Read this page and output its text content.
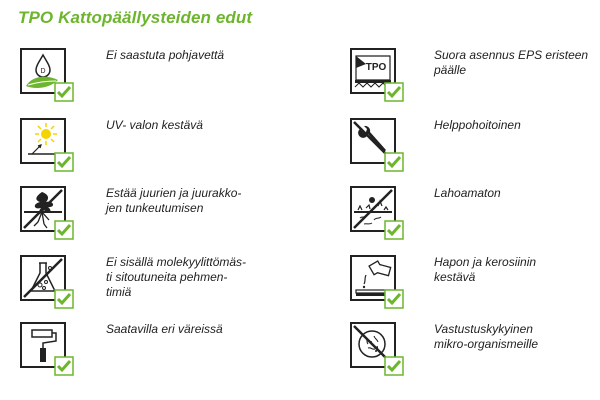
TPO Kattopäällysteiden edut
D
Ei saastuta pohjavettä
UV- valon kestävä
Estää juurien ja juurakko-
jen tunkeutumisen
Ei sisällä molekyylittömäs-
ti sitoutuneita pehmen-
timiä
Saatavilla eri väreissä
TPO
Suora asennus EPS eristeen
päälle
Helppohoitoinen
Lahoamaton
Hapon ja kerosiinin
kestävä
Vastustuskykyinen
mikro-organismeille
